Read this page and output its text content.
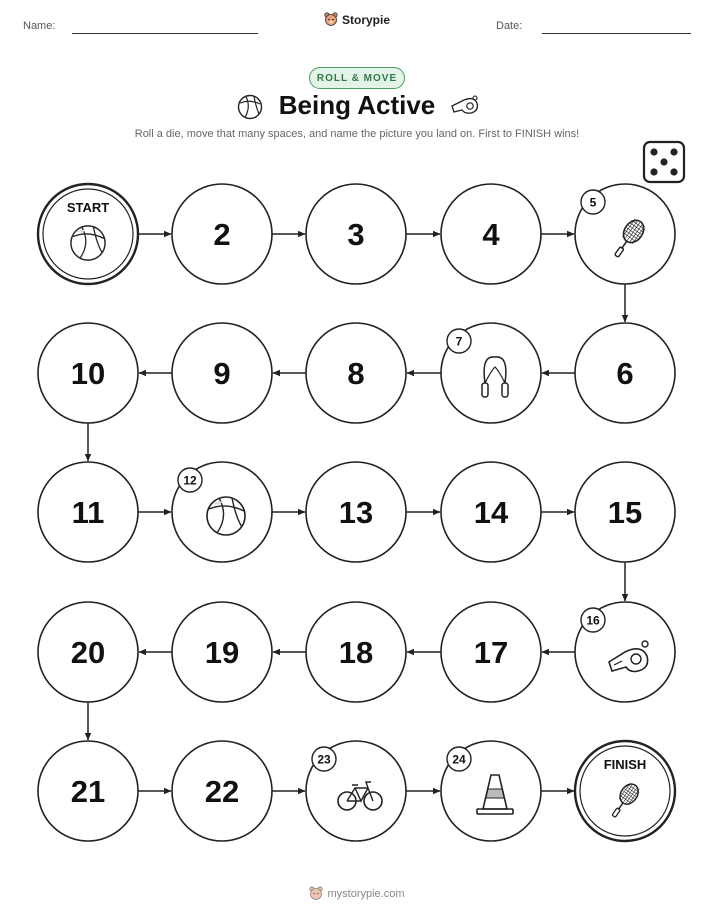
Name:	Storypie	Date:
ROLL & MOVE
Being Active
Roll a die, move that many spaces, and name the picture you land on. First to FINISH wins!
START
2	3	4
5
6
7
8
9
10
11
12
13	14	15
16
17
18
19
20
21	22
23	24	FINISH
mystorypie.com
